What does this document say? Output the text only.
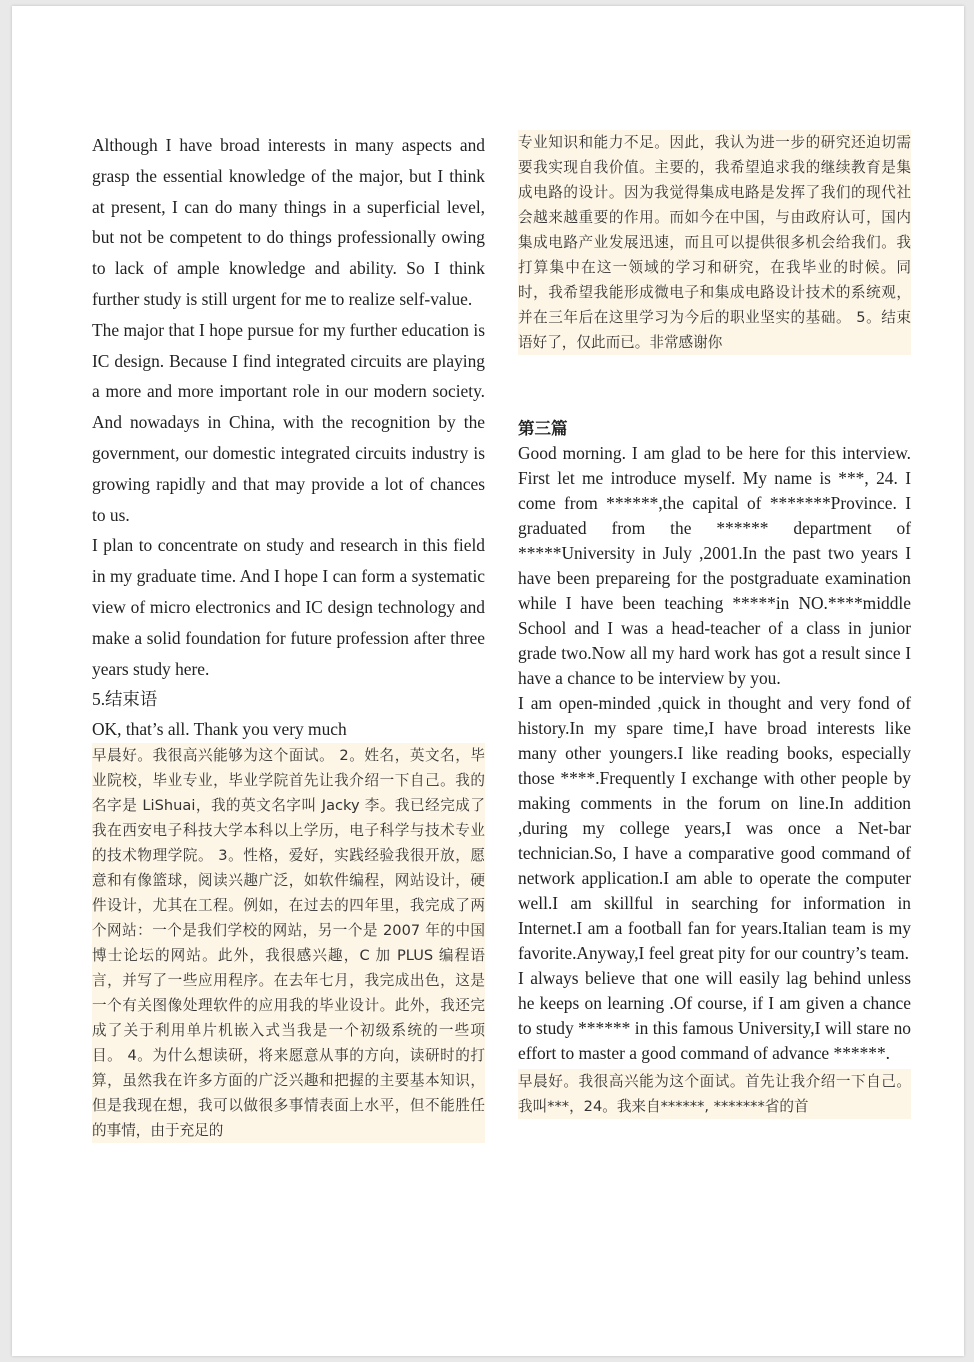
Although I have broad interests in many aspects and grasp the essential knowledge of the major, but I think at present, I can do many things in a superficial level, but not be competent to do things professionally owing to lack of ample knowledge and ability. So I think further study is still urgent for me to realize self-value.

The major that I hope pursue for my further education is IC design. Because I find integrated circuits are playing a more and more important role in our modern society. And nowadays in China, with the recognition by the government, our domestic integrated circuits industry is growing rapidly and that may provide a lot of chances to us.

I plan to concentrate on study and research in this field in my graduate time. And I hope I can form a systematic view of micro electronics and IC design technology and make a solid foundation for future profession after three years study here.

5.结束语

OK, that’s all. Thank you very much

早晨好。我很高兴能够为这个面试。 2。姓名，英文名，毕业院校，毕业专业，毕业学院首先让我介绍一下自己。我的名字是 LiShuai，我的英文名字叫 Jacky 李。我已经完成了我在西安电子科技大学本科以上学历，电子科学与技术专业的技术物理学院。 3。性格，爱好，实践经验我很开放，愿意和有像篮球，阅读兴趣广泛，如软件编程，网站设计，硬件设计，尤其在工程。例如，在过去的四年里，我完成了两个网站：一个是我们学校的网站，另一个是 2007 年的中国博士论坛的网站。此外，我很感兴趣，C 加 PLUS 编程语言，并写了一些应用程序。在去年七月，我完成出色，这是一个有关图像处理软件的应用我的毕业设计。此外，我还完成了关于利用单片机嵌入式当我是一个初级系统的一些项目。 4。为什么想读研，将来愿意从事的方向，读研时的打算，虽然我在许多方面的广泛兴趣和把握的主要基本知识，但是我现在想，我可以做很多事情表面上水平，但不能胜任的事情，由于充足的

专业知识和能力不足。因此，我认为进一步的研究还迫切需要我实现自我价值。主要的，我希望追求我的继续教育是集成电路的设计。因为我觉得集成电路是发挥了我们的现代社会越来越重要的作用。而如今在中国，与由政府认可，国内集成电路产业发展迅速，而且可以提供很多机会给我们。我打算集中在这一领域的学习和研究，在我毕业的时候。同时，我希望我能形成微电子和集成电路设计技术的系统观，并在三年后在这里学习为今后的职业坚实的基础。 5。结束语好了，仅此而已。非常感谢你

第三篇

Good morning. I am glad to be here for this interview. First let me introduce myself. My name is ***, 24. I come from ******,the capital of *******Province. I graduated from the ****** department of *****University in July ,2001.In the past two years I have been prepareing for the postgraduate examination while I have been teaching *****in NO.****middle School and I was a head-teacher of a class in junior grade two.Now all my hard work has got a result since I have a chance to be interview by you.

I am open-minded ,quick in thought and very fond of history.In my spare time,I have broad interests like many other youngers.I like reading books, especially those ****.Frequently I exchange with other people by making comments in the forum on line.In addition ,during my college years,I was once a Net-bar technician.So, I have a comparative good command of network application.I am able to operate the computer well.I am skillful in searching for information in Internet.I am a football fan for years.Italian team is my favorite.Anyway,I feel great pity for our country’s team.

I always believe that one will easily lag behind unless he keeps on learning .Of course, if I am given a chance to study ****** in this famous University,I will stare no effort to master a good command of advance ******.

早晨好。我很高兴能为这个面试。首先让我介绍一下自己。我叫***，24。我来自******, *******省的首
